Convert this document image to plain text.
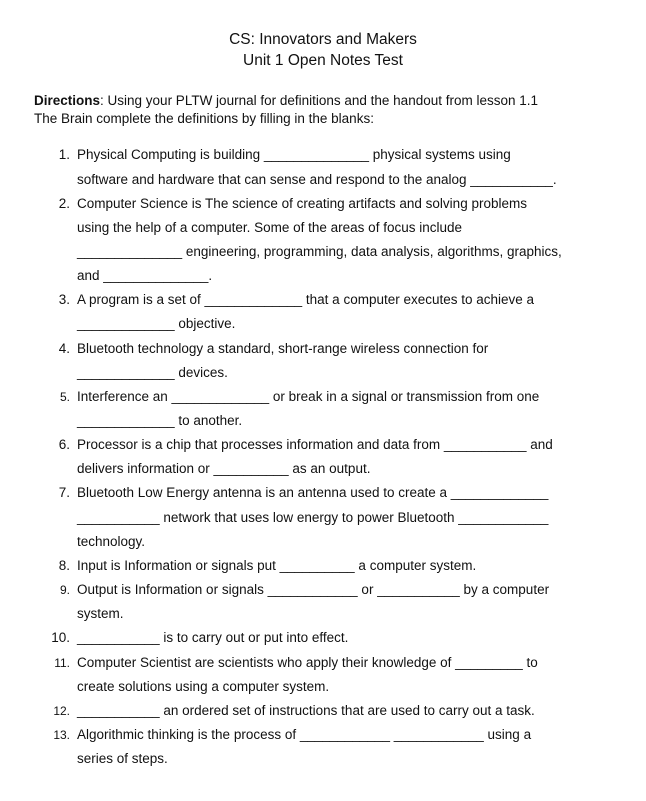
CS: Innovators and Makers
Unit 1 Open Notes Test
Directions: Using your PLTW journal for definitions and the handout from lesson 1.1
The Brain complete the definitions by filling in the blanks:
1. Physical Computing is building ______________ physical systems using
software and hardware that can sense and respond to the analog ___________.
2. Computer Science is The science of creating artifacts and solving problems
using the help of a computer. Some of the areas of focus include
______________ engineering, programming, data analysis, algorithms, graphics,
and ______________.
3. A program is a set of _____________ that a computer executes to achieve a
_____________ objective.
4. Bluetooth technology a standard, short-range wireless connection for
_____________ devices.
5. Interference an _____________ or break in a signal or transmission from one
_____________ to another.
6. Processor is a chip that processes information and data from ___________ and
delivers information or __________ as an output.
7. Bluetooth Low Energy antenna is an antenna used to create a _____________
___________ network that uses low energy to power Bluetooth ____________
technology.
8. Input is Information or signals put __________ a computer system.
9. Output is Information or signals ____________ or ___________ by a computer
system.
10. ___________ is to carry out or put into effect.
11. Computer Scientist are scientists who apply their knowledge of _________ to
create solutions using a computer system.
12. ___________ an ordered set of instructions that are used to carry out a task.
13. Algorithmic thinking is the process of ____________ ____________ using a
series of steps.
